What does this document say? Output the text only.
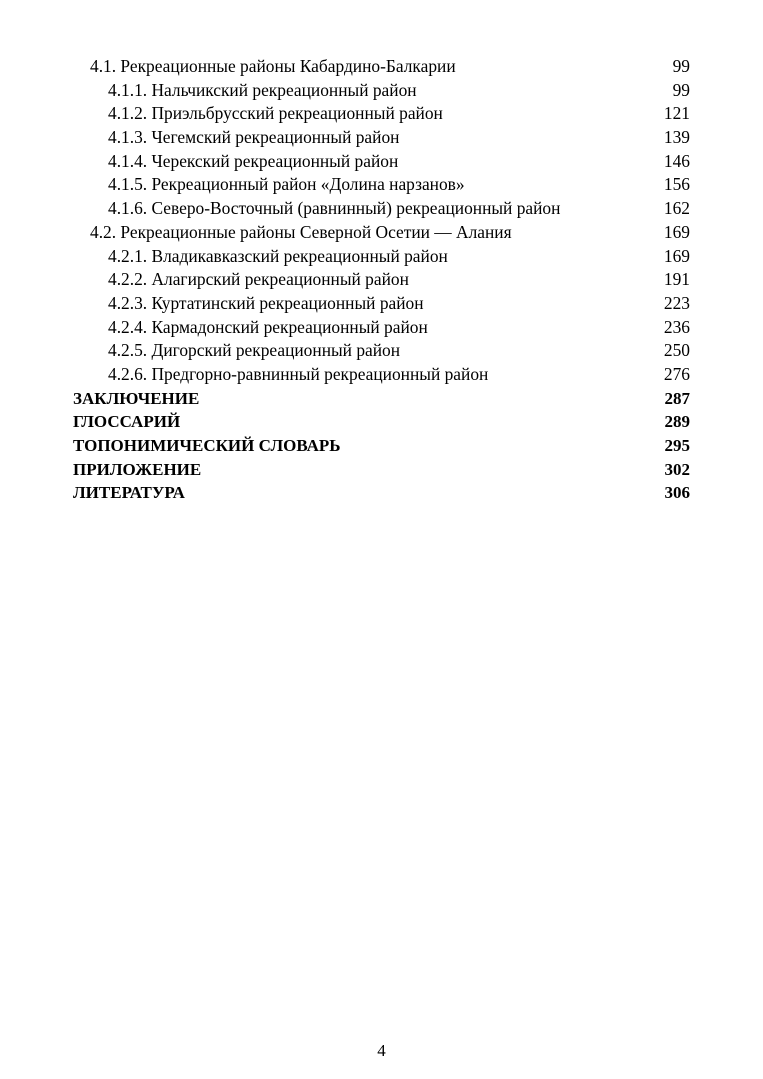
4.1. Рекреационные районы Кабардино-Балкарии	99
4.1.1. Нальчикский рекреационный район	99
4.1.2. Приэльбрусский рекреационный район	121
4.1.3. Чегемский рекреационный район	139
4.1.4. Черекский рекреационный район	146
4.1.5. Рекреационный район «Долина нарзанов»	156
4.1.6. Северо-Восточный (равнинный) рекреационный район	162
4.2. Рекреационные районы Северной Осетии — Алания	169
4.2.1. Владикавказский рекреационный район	169
4.2.2. Алагирский рекреационный район	191
4.2.3. Куртатинский рекреационный район	223
4.2.4. Кармадонский рекреационный район	236
4.2.5. Дигорский рекреационный район	250
4.2.6. Предгорно-равнинный рекреационный район	276
ЗАКЛЮЧЕНИЕ	287
ГЛОССАРИЙ	289
ТОПОНИМИЧЕСКИЙ СЛОВАРЬ	295
ПРИЛОЖЕНИЕ	302
ЛИТЕРАТУРА	306
4
